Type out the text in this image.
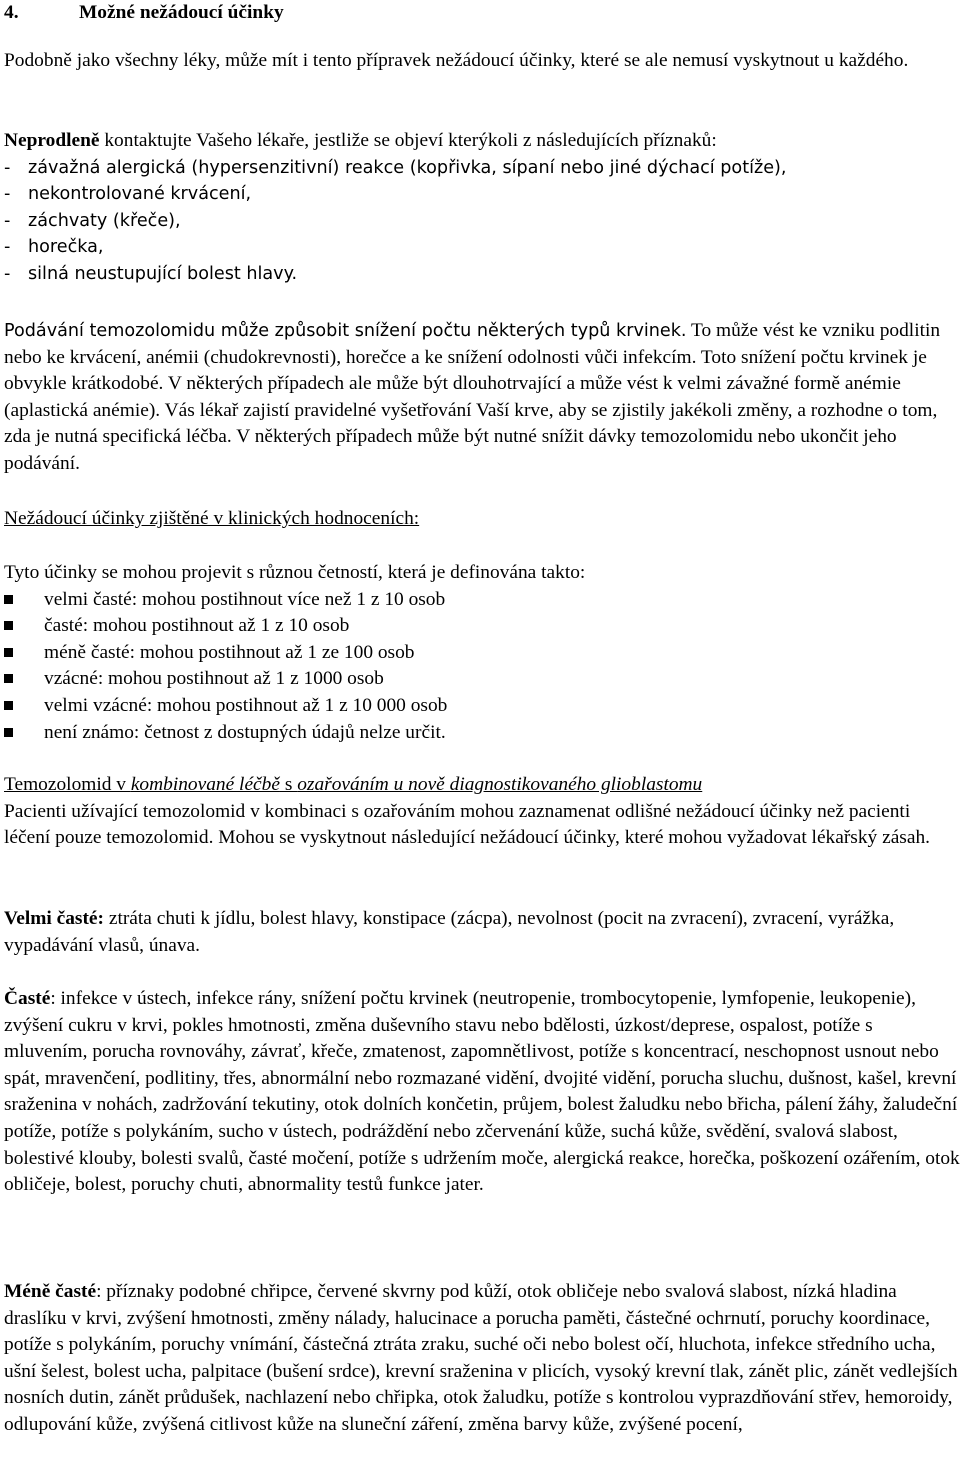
4.	Možné nežádoucí účinky

Podobně jako všechny léky, může mít i tento přípravek nežádoucí účinky, které se ale nemusí vyskytnout u každého.

Neprodleně kontaktujte Vašeho lékaře, jestliže se objeví kterýkoli z následujících příznaků:

- závažná alergická (hypersenzitivní) reakce (kopřivka, sípaní nebo jiné dýchací potíže),
- nekontrolované krvácení,
- záchvaty (křeče),
- horečka,
- silná neustupující bolest hlavy.

Podávání temozolomidu může způsobit snížení počtu některých typů krvinek. To může vést ke vzniku podlitin nebo ke krvácení, anémii (chudokrevnosti), horečce a ke snížení odolnosti vůči infekcím. Toto snížení počtu krvinek je obvykle krátkodobé. V některých případech ale může být dlouhotrvající a může vést k velmi závažné formě anémie (aplastická anémie). Vás lékař zajistí pravidelné vyšetřování Vaší krve, aby se zjistily jakékoli změny, a rozhodne o tom, zda je nutná specifická léčba. V některých případech může být nutné snížit dávky temozolomidu nebo ukončit jeho podávání.

Nežádoucí účinky zjištěné v klinických hodnoceních:

Tyto účinky se mohou projevit s různou četností, která je definována takto:

velmi časté: mohou postihnout více než 1 z 10 osob
časté: mohou postihnout až 1 z 10 osob
méně časté: mohou postihnout až 1 ze 100 osob
vzácné: mohou postihnout až 1 z 1000 osob
velmi vzácné: mohou postihnout až 1 z 10 000 osob
není známo: četnost z dostupných údajů nelze určit.

Temozolomid v kombinované léčbě s ozařováním u nově diagnostikovaného glioblastomu

Pacienti užívající temozolomid v kombinaci s ozařováním mohou zaznamenat odlišné nežádoucí účinky než pacienti léčení pouze temozolomid. Mohou se vyskytnout následující nežádoucí účinky, které mohou vyžadovat lékařský zásah.

Velmi časté: ztráta chuti k jídlu, bolest hlavy, konstipace (zácpa), nevolnost (pocit na zvracení), zvracení, vyrážka, vypadávání vlasů, únava.

Časté: infekce v ústech, infekce rány, snížení počtu krvinek (neutropenie, trombocytopenie, lymfopenie, leukopenie), zvýšení cukru v krvi, pokles hmotnosti, změna duševního stavu nebo bdělosti, úzkost/deprese, ospalost, potíže s mluvením, porucha rovnováhy, závrať, křeče, zmatenost, zapomnětlivost, potíže s koncentrací, neschopnost usnout nebo spát, mravenčení, podlitiny, třes, abnormální nebo rozmazané vidění, dvojité vidění, porucha sluchu, dušnost, kašel, krevní sraženina v nohách, zadržování tekutiny, otok dolních končetin, průjem, bolest žaludku nebo břicha, pálení žáhy, žaludeční potíže, potíže s polykáním, sucho v ústech, podráždění nebo zčervenání kůže, suchá kůže, svědění, svalová slabost, bolestivé klouby, bolesti svalů, časté močení, potíže s udržením moče, alergická reakce, horečka, poškození ozářením, otok obličeje, bolest, poruchy chuti, abnormality testů funkce jater.

Méně časté: příznaky podobné chřipce, červené skvrny pod kůží, otok obličeje nebo svalová slabost, nízká hladina draslíku v krvi, zvýšení hmotnosti, změny nálady, halucinace a porucha paměti, částečné ochrnutí, poruchy koordinace, potíže s polykáním, poruchy vnímání, částečná ztráta zraku, suché oči nebo bolest očí, hluchota, infekce středního ucha, ušní šelest, bolest ucha, palpitace (bušení srdce), krevní sraženina v plicích, vysoký krevní tlak, zánět plic, zánět vedlejších nosních dutin, zánět průdušek, nachlazení nebo chřipka, otok žaludku, potíže s kontrolou vyprazdňování střev, hemoroidy, odlupování kůže, zvýšená citlivost kůže na sluneční záření, změna barvy kůže, zvýšené pocení,
